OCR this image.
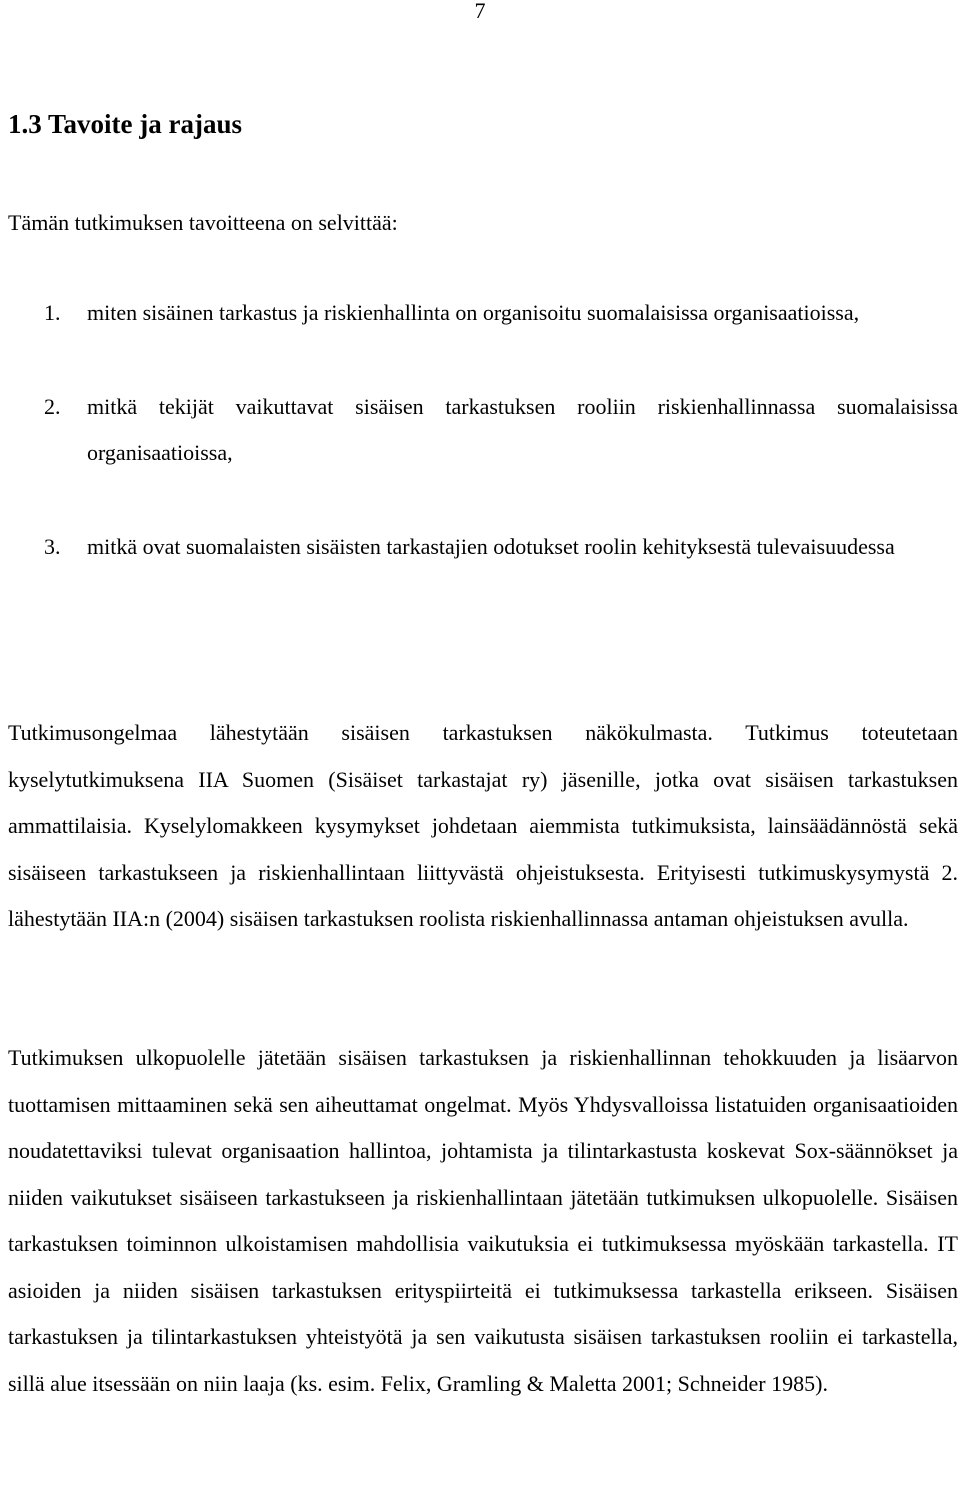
7
1.3 Tavoite ja rajaus

Tämän tutkimuksen tavoitteena on selvittää:

1. miten sisäinen tarkastus ja riskienhallinta on organisoitu suomalaisissa organisaatioissa,
2. mitkä tekijät vaikuttavat sisäisen tarkastuksen rooliin riskienhallinnassa suomalaisissa organisaatioissa,
3. mitkä ovat suomalaisten sisäisten tarkastajien odotukset roolin kehityksestä tulevaisuudessa

Tutkimusongelmaa lähestytään sisäisen tarkastuksen näkökulmasta. Tutkimus toteutetaan kyselytutkimuksena IIA Suomen (Sisäiset tarkastajat ry) jäsenille, jotka ovat sisäisen tarkastuksen ammattilaisia. Kyselylomakkeen kysymykset johdetaan aiemmista tutkimuksista, lainsäädännöstä sekä sisäiseen tarkastukseen ja riskienhallintaan liittyvästä ohjeistuksesta. Erityisesti tutkimuskysymystä 2. lähestytään IIA:n (2004) sisäisen tarkastuksen roolista riskienhallinnassa antaman ohjeistuksen avulla.

Tutkimuksen ulkopuolelle jätetään sisäisen tarkastuksen ja riskienhallinnan tehokkuuden ja lisäarvon tuottamisen mittaaminen sekä sen aiheuttamat ongelmat. Myös Yhdysvalloissa listatuiden organisaatioiden noudatettaviksi tulevat organisaation hallintoa, johtamista ja tilintarkastusta koskevat Sox-säännökset ja niiden vaikutukset sisäiseen tarkastukseen ja riskienhallintaan jätetään tutkimuksen ulkopuolelle. Sisäisen tarkastuksen toiminnon ulkoistamisen mahdollisia vaikutuksia ei tutkimuksessa myöskään tarkastella. IT asioiden ja niiden sisäisen tarkastuksen erityspiirteitä ei tutkimuksessa tarkastella erikseen. Sisäisen tarkastuksen ja tilintarkastuksen yhteistyötä ja sen vaikutusta sisäisen tarkastuksen rooliin ei tarkastella, sillä alue itsessään on niin laaja (ks. esim. Felix, Gramling & Maletta 2001; Schneider 1985).
